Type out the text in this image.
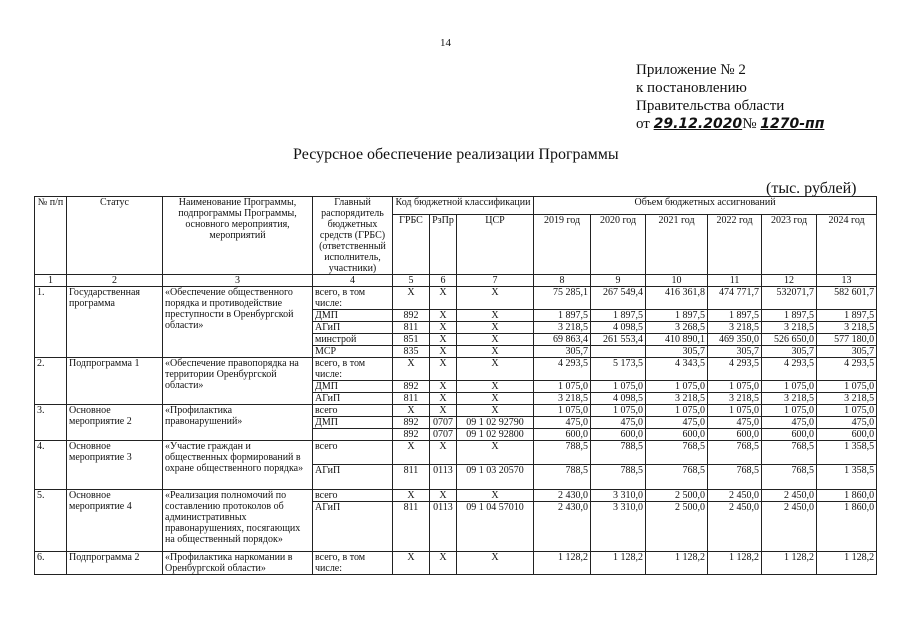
14
Приложение № 2
к постановлению
Правительства области
от 29.12.2020№ 1270-пп
Ресурсное обеспечение реализации Программы
(тыс. рублей)
№ п/п	Статус	Наименование Программы, подпрограммы Программы, основного мероприятия, мероприятий	Главный распорядитель бюджетных средств (ГРБС) (ответственный исполнитель, участники)	Код бюджетной классификации			Объем бюджетных ассигнований					
				ГРБС	РзПр	ЦСР	2019 год	2020 год	2021 год	2022 год	2023 год	2024 год
1	2	3	4	5	6	7	8	9	10	11	12	13
1.	Государственная программа	«Обеспечение общественного порядка и противодействие преступности в Оренбургской области»	всего, в том числе:	Х	Х	Х	75 285,1	267 549,4	416 361,8	474 771,7	532071,7	582 601,7
			ДМП	892	Х	Х	1 897,5	1 897,5	1 897,5	1 897,5	1 897,5	1 897,5
			АГиП	811	Х	Х	3 218,5	4 098,5	3 268,5	3 218,5	3 218,5	3 218,5
			минстрой	851	Х	Х	69 863,4	261 553,4	410 890,1	469 350,0	526 650,0	577 180,0
			МСР	835	Х	Х	305,7		305,7	305,7	305,7	305,7
2.	Подпрограмма 1	«Обеспечение правопорядка на территории Оренбургской области»	всего, в том числе:	Х	Х	Х	4 293,5	5 173,5	4 343,5	4 293,5	4 293,5	4 293,5
			ДМП	892	Х	Х	1 075,0	1 075,0	1 075,0	1 075,0	1 075,0	1 075,0
			АГиП	811	Х	Х	3 218,5	4 098,5	3 218,5	3 218,5	3 218,5	3 218,5
3.	Основное мероприятие 2	«Профилактика правонарушений»	всего	Х	Х	Х	1 075,0	1 075,0	1 075,0	1 075,0	1 075,0	1 075,0
			ДМП	892	0707	09 1 02 92790	475,0	475,0	475,0	475,0	475,0	475,0
				892	0707	09 1 02 92800	600,0	600,0	600,0	600,0	600,0	600,0
4.	Основное мероприятие 3	«Участие граждан и общественных формирований в охране общественного порядка»	всего	Х	Х	Х	788,5	788,5	768,5	768,5	768,5	1 358,5
			АГиП	811	0113	09 1 03 20570	788,5	788,5	768,5	768,5	768,5	1 358,5
5.	Основное мероприятие 4	«Реализация полномочий по составлению протоколов об административных правонарушениях, посягающих на общественный порядок»	всего	Х	Х	Х	2 430,0	3 310,0	2 500,0	2 450,0	2 450,0	1 860,0
			АГиП	811	0113	09 1 04 57010	2 430,0	3 310,0	2 500,0	2 450,0	2 450,0	1 860,0
6.	Подпрограмма 2	«Профилактика наркомании в Оренбургской области»	всего, в том числе:	Х	Х	Х	1 128,2	1 128,2	1 128,2	1 128,2	1 128,2	1 128,2
